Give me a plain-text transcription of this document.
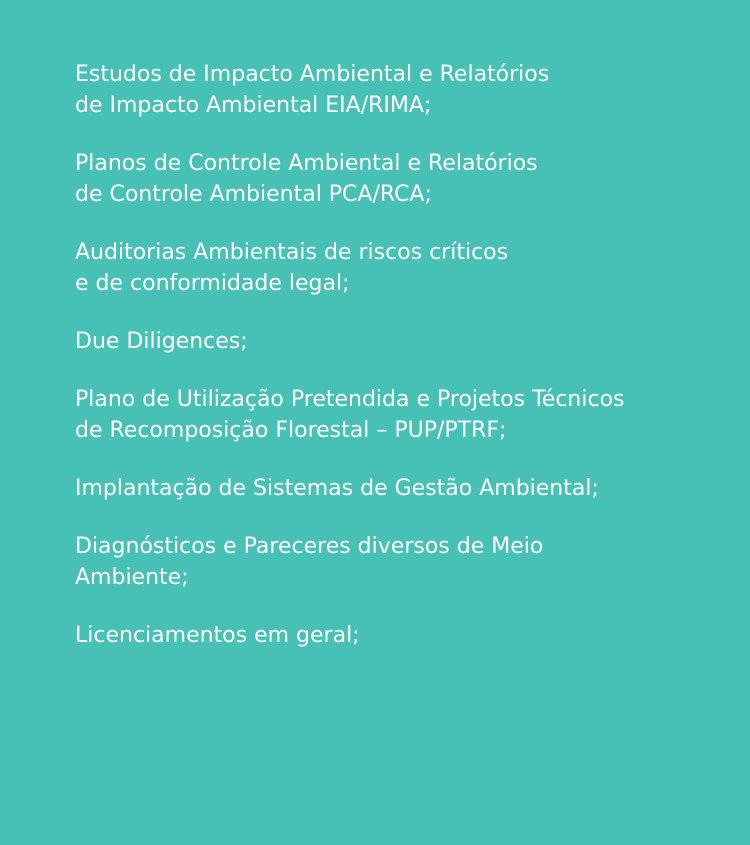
Estudos de Impacto Ambiental e Relatórios
de Impacto Ambiental EIA/RIMA;
Planos de Controle Ambiental e Relatórios
de Controle Ambiental PCA/RCA;
Auditorias Ambientais de riscos críticos
e de conformidade legal;
Due Diligences;
Plano de Utilização Pretendida e Projetos Técnicos
de Recomposição Florestal – PUP/PTRF;
Implantação de Sistemas de Gestão Ambiental;
Diagnósticos e Pareceres diversos de Meio
Ambiente;
Licenciamentos em geral;
